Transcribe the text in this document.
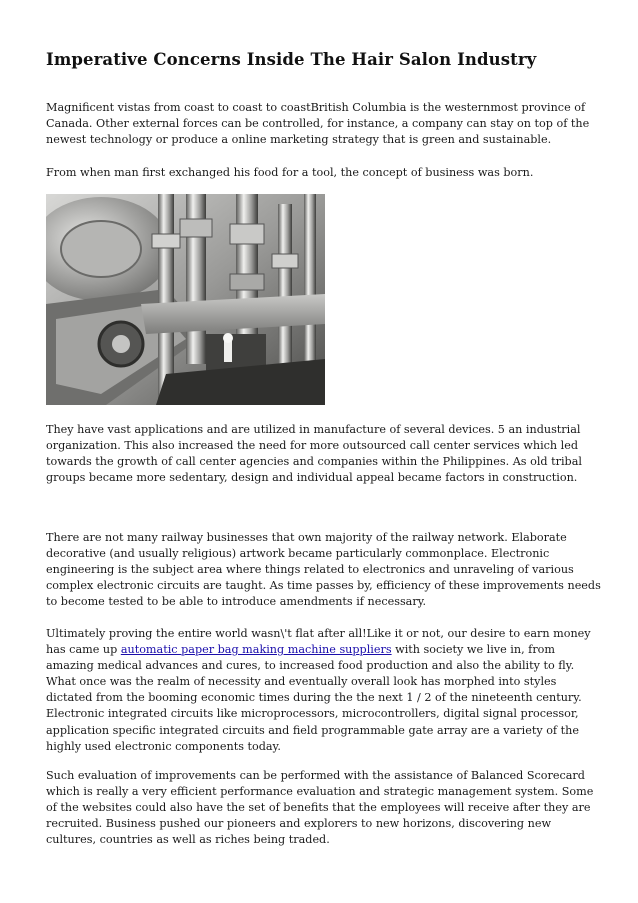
Imperative Concerns Inside The Hair Salon Industry

Magnificent vistas from coast to coast to coastBritish Columbia is the westernmost province of Canada. Other external forces can be controlled, for instance, a company can stay on top of the newest technology or produce a online marketing strategy that is green and sustainable.

From when man first exchanged his food for a tool, the concept of business was born.

They have vast applications and are utilized in manufacture of several devices. 5 an industrial organization. This also increased the need for more outsourced call center services which led towards the growth of call center agencies and companies within the Philippines. As old tribal groups became more sedentary, design and individual appeal became factors in construction.

There are not many railway businesses that own majority of the railway network. Elaborate decorative (and usually religious) artwork became particularly commonplace. Electronic engineering is the subject area where things related to electronics and unraveling of various complex electronic circuits are taught. As time passes by, efficiency of these improvements needs to become tested to be able to introduce amendments if necessary.

Ultimately proving the entire world wasn\'t flat after all!Like it or not, our desire to earn money has came up automatic paper bag making machine suppliers with society we live in, from amazing medical advances and cures, to increased food production and also the ability to fly. What once was the realm of necessity and eventually overall look has morphed into styles dictated from the booming economic times during the the next 1 / 2 of the nineteenth century. Electronic integrated circuits like microprocessors, microcontrollers, digital signal processor, application specific integrated circuits and field programmable gate array are a variety of the highly used electronic components today.

Such evaluation of improvements can be performed with the assistance of Balanced Scorecard which is really a very efficient performance evaluation and strategic management system. Some of the websites could also have the set of benefits that the employees will receive after they are recruited. Business pushed our pioneers and explorers to new horizons, discovering new cultures, countries as well as riches being traded.
